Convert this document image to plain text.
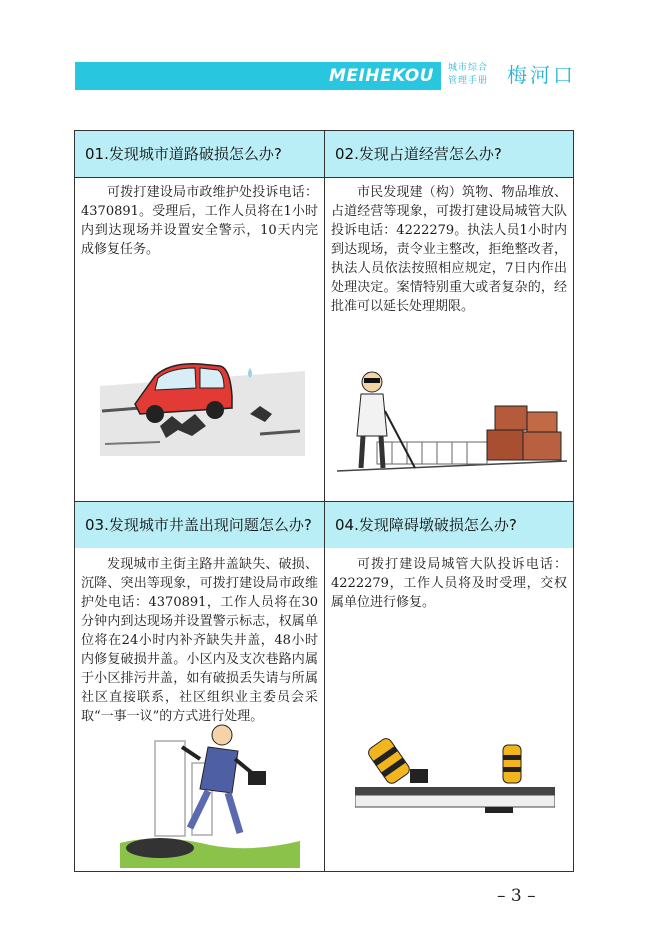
MEIHEKOU	城市综合
管理手册 梅河口
01.发现城市道路破损怎么办?
可拨打建设局市政维护处投诉电话：4370891。受理后，工作人员将在1小时内到达现场并设置安全警示，10天内完成修复任务。
02.发现占道经营怎么办?
市民发现建（构）筑物、物品堆放、占道经营等现象，可拨打建设局城管大队投诉电话：4222279。执法人员1小时内到达现场，责令业主整改，拒绝整改者，执法人员依法按照相应规定，7日内作出处理决定。案情特别重大或者复杂的，经批准可以延长处理期限。
03.发现城市井盖出现问题怎么办?
发现城市主街主路井盖缺失、破损、沉降、突出等现象，可拨打建设局市政维护处电话：4370891，工作人员将在30分钟内到达现场并设置警示标志，权属单位将在24小时内补齐缺失井盖，48小时内修复破损井盖。小区内及支次巷路内属于小区排污井盖，如有破损丢失请与所属社区直接联系，社区组织业主委员会采取“一事一议”的方式进行处理。
04.发现障碍墩破损怎么办?
可拨打建设局城管大队投诉电话：4222279，工作人员将及时受理，交权属单位进行修复。
– 3 –
